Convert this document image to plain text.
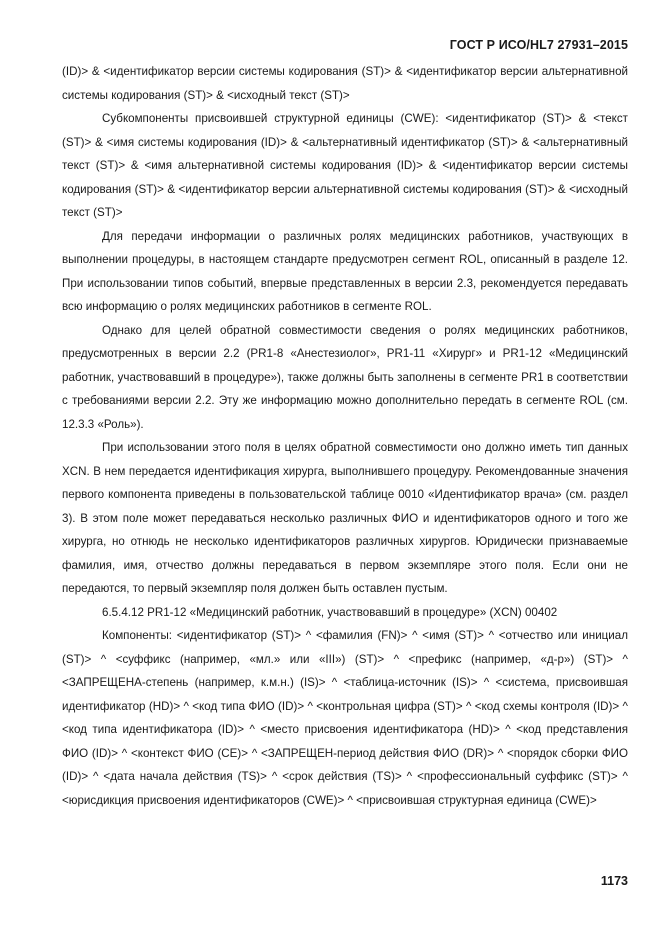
ГОСТ Р ИСО/HL7 27931–2015

(ID)> & <идентификатор версии системы кодирования (ST)> & <идентификатор версии альтернативной системы кодирования (ST)> & <исходный текст (ST)>

Субкомпоненты присвоившей структурной единицы (CWE): <идентификатор (ST)> & <текст (ST)> & <имя системы кодирования (ID)> & <альтернативный идентификатор (ST)> & <альтернативный текст (ST)> & <имя альтернативной системы кодирования (ID)> & <идентификатор версии системы кодирования (ST)> & <идентификатор версии альтернативной системы кодирования (ST)> & <исходный текст (ST)>

Для передачи информации о различных ролях медицинских работников, участвующих в выполнении процедуры, в настоящем стандарте предусмотрен сегмент ROL, описанный в разделе 12. При использовании типов событий, впервые представленных в версии 2.3, рекомендуется передавать всю информацию о ролях медицинских работников в сегменте ROL.

Однако для целей обратной совместимости сведения о ролях медицинских работников, предусмотренных в версии 2.2 (PR1-8 «Анестезиолог», PR1-11 «Хирург» и PR1-12 «Медицинский работник, участвовавший в процедуре»), также должны быть заполнены в сегменте PR1 в соответствии с требованиями версии 2.2. Эту же информацию можно дополнительно передать в сегменте ROL (см. 12.3.3 «Роль»).

При использовании этого поля в целях обратной совместимости оно должно иметь тип данных XCN. В нем передается идентификация хирурга, выполнившего процедуру. Рекомендованные значения первого компонента приведены в пользовательской таблице 0010 «Идентификатор врача» (см. раздел 3). В этом поле может передаваться несколько различных ФИО и идентификаторов одного и того же хирурга, но отнюдь не несколько идентификаторов различных хирургов. Юридически признаваемые фамилия, имя, отчество должны передаваться в первом экземпляре этого поля. Если они не передаются, то первый экземпляр поля должен быть оставлен пустым.

6.5.4.12 PR1-12 «Медицинский работник, участвовавший в процедуре» (XCN) 00402

Компоненты: <идентификатор (ST)> ^ <фамилия (FN)> ^ <имя (ST)> ^ <отчество или инициал (ST)> ^ <суффикс (например, «мл.» или «III») (ST)> ^ <префикс (например, «д-р») (ST)> ^ <ЗАПРЕЩЕНА-степень (например, к.м.н.) (IS)> ^ <таблица-источник (IS)> ^ <система, присвоившая идентификатор (HD)> ^ <код типа ФИО (ID)> ^ <контрольная цифра (ST)> ^ <код схемы контроля (ID)> ^ <код типа идентификатора (ID)> ^ <место присвоения идентификатора (HD)> ^ <код представления ФИО (ID)> ^ <контекст ФИО (CE)> ^ <ЗАПРЕЩЕН-период действия ФИО (DR)> ^ <порядок сборки ФИО (ID)> ^ <дата начала действия (TS)> ^ <срок действия (TS)> ^ <профессиональный суффикс (ST)> ^ <юрисдикция присвоения идентификаторов (CWE)> ^ <присвоившая структурная единица (CWE)>

1173
